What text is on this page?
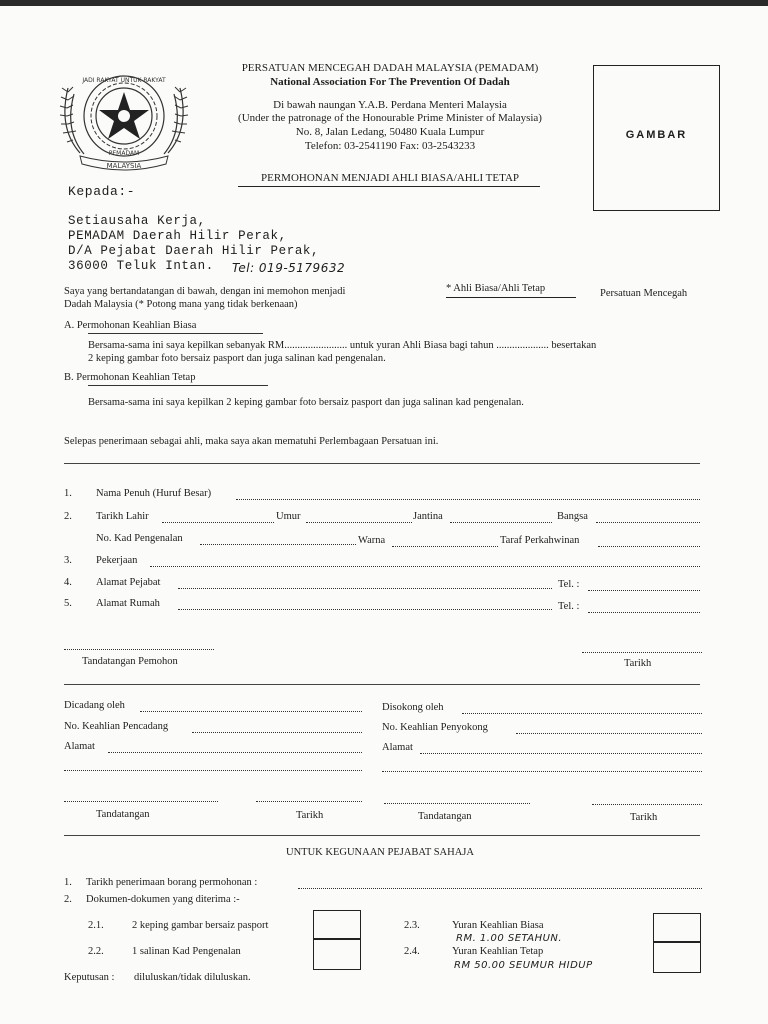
JADI RAKYAT UNTUK RAKYAT
PEMADAM
MALAYSIA
PERSATUAN MENCEGAH DADAH MALAYSIA (PEMADAM)
National Association For The Prevention Of Dadah
Di bawah naungan Y.A.B. Perdana Menteri Malaysia
(Under the patronage of the Honourable Prime Minister of Malaysia)
No. 8, Jalan Ledang, 50480 Kuala Lumpur
Telefon: 03-2541190 Fax: 03-2543233
PERMOHONAN MENJADI AHLI BIASA/AHLI TETAP
GAMBAR
Kepada:-
Setiausaha Kerja,
PEMADAM Daerah Hilir Perak,
D/A Pejabat Daerah Hilir Perak,
36000 Teluk Intan. Tel: 019-5179632
Saya yang bertandatangan di bawah, dengan ini memohon menjadi	* Ahli Biasa/Ahli Tetap	Persatuan Mencegah
Dadah Malaysia (* Potong mana yang tidak berkenaan)
A. Permohonan Keahlian Biasa
Bersama-sama ini saya kepilkan sebanyak RM........................ untuk yuran Ahli Biasa bagi tahun .................... besertakan
2 keping gambar foto bersaiz pasport dan juga salinan kad pengenalan.
B. Permohonan Keahlian Tetap
Bersama-sama ini saya kepilkan 2 keping gambar foto bersaiz pasport dan juga salinan kad pengenalan.
Selepas penerimaan sebagai ahli, maka saya akan mematuhi Perlembagaan Persatuan ini.
1. Nama Penuh (Huruf Besar)
2. Tarikh Lahir	Umur	Jantina	Bangsa
No. Kad Pengenalan	Warna	Taraf Perkahwinan
3. Pekerjaan
4. Alamat Pejabat	Tel. :
5. Alamat Rumah	Tel. :
Tandatangan Pemohon	Tarikh
Dicadang oleh	Disokong oleh
No. Keahlian Pencadang	No. Keahlian Penyokong
Alamat	Alamat
Tandatangan	Tarikh	Tandatangan	Tarikh
UNTUK KEGUNAAN PEJABAT SAHAJA
1. Tarikh penerimaan borang permohonan :
2. Dokumen-dokumen yang diterima :-
2.1.	2 keping gambar bersaiz pasport
2.2.	1 salinan Kad Pengenalan
2.3.	Yuran Keahlian Biasa
RM. 1.00 SETAHUN.
2.4.	Yuran Keahlian Tetap
RM 50.00 SEUMUR HIDUP
Keputusan : diluluskan/tidak diluluskan.
